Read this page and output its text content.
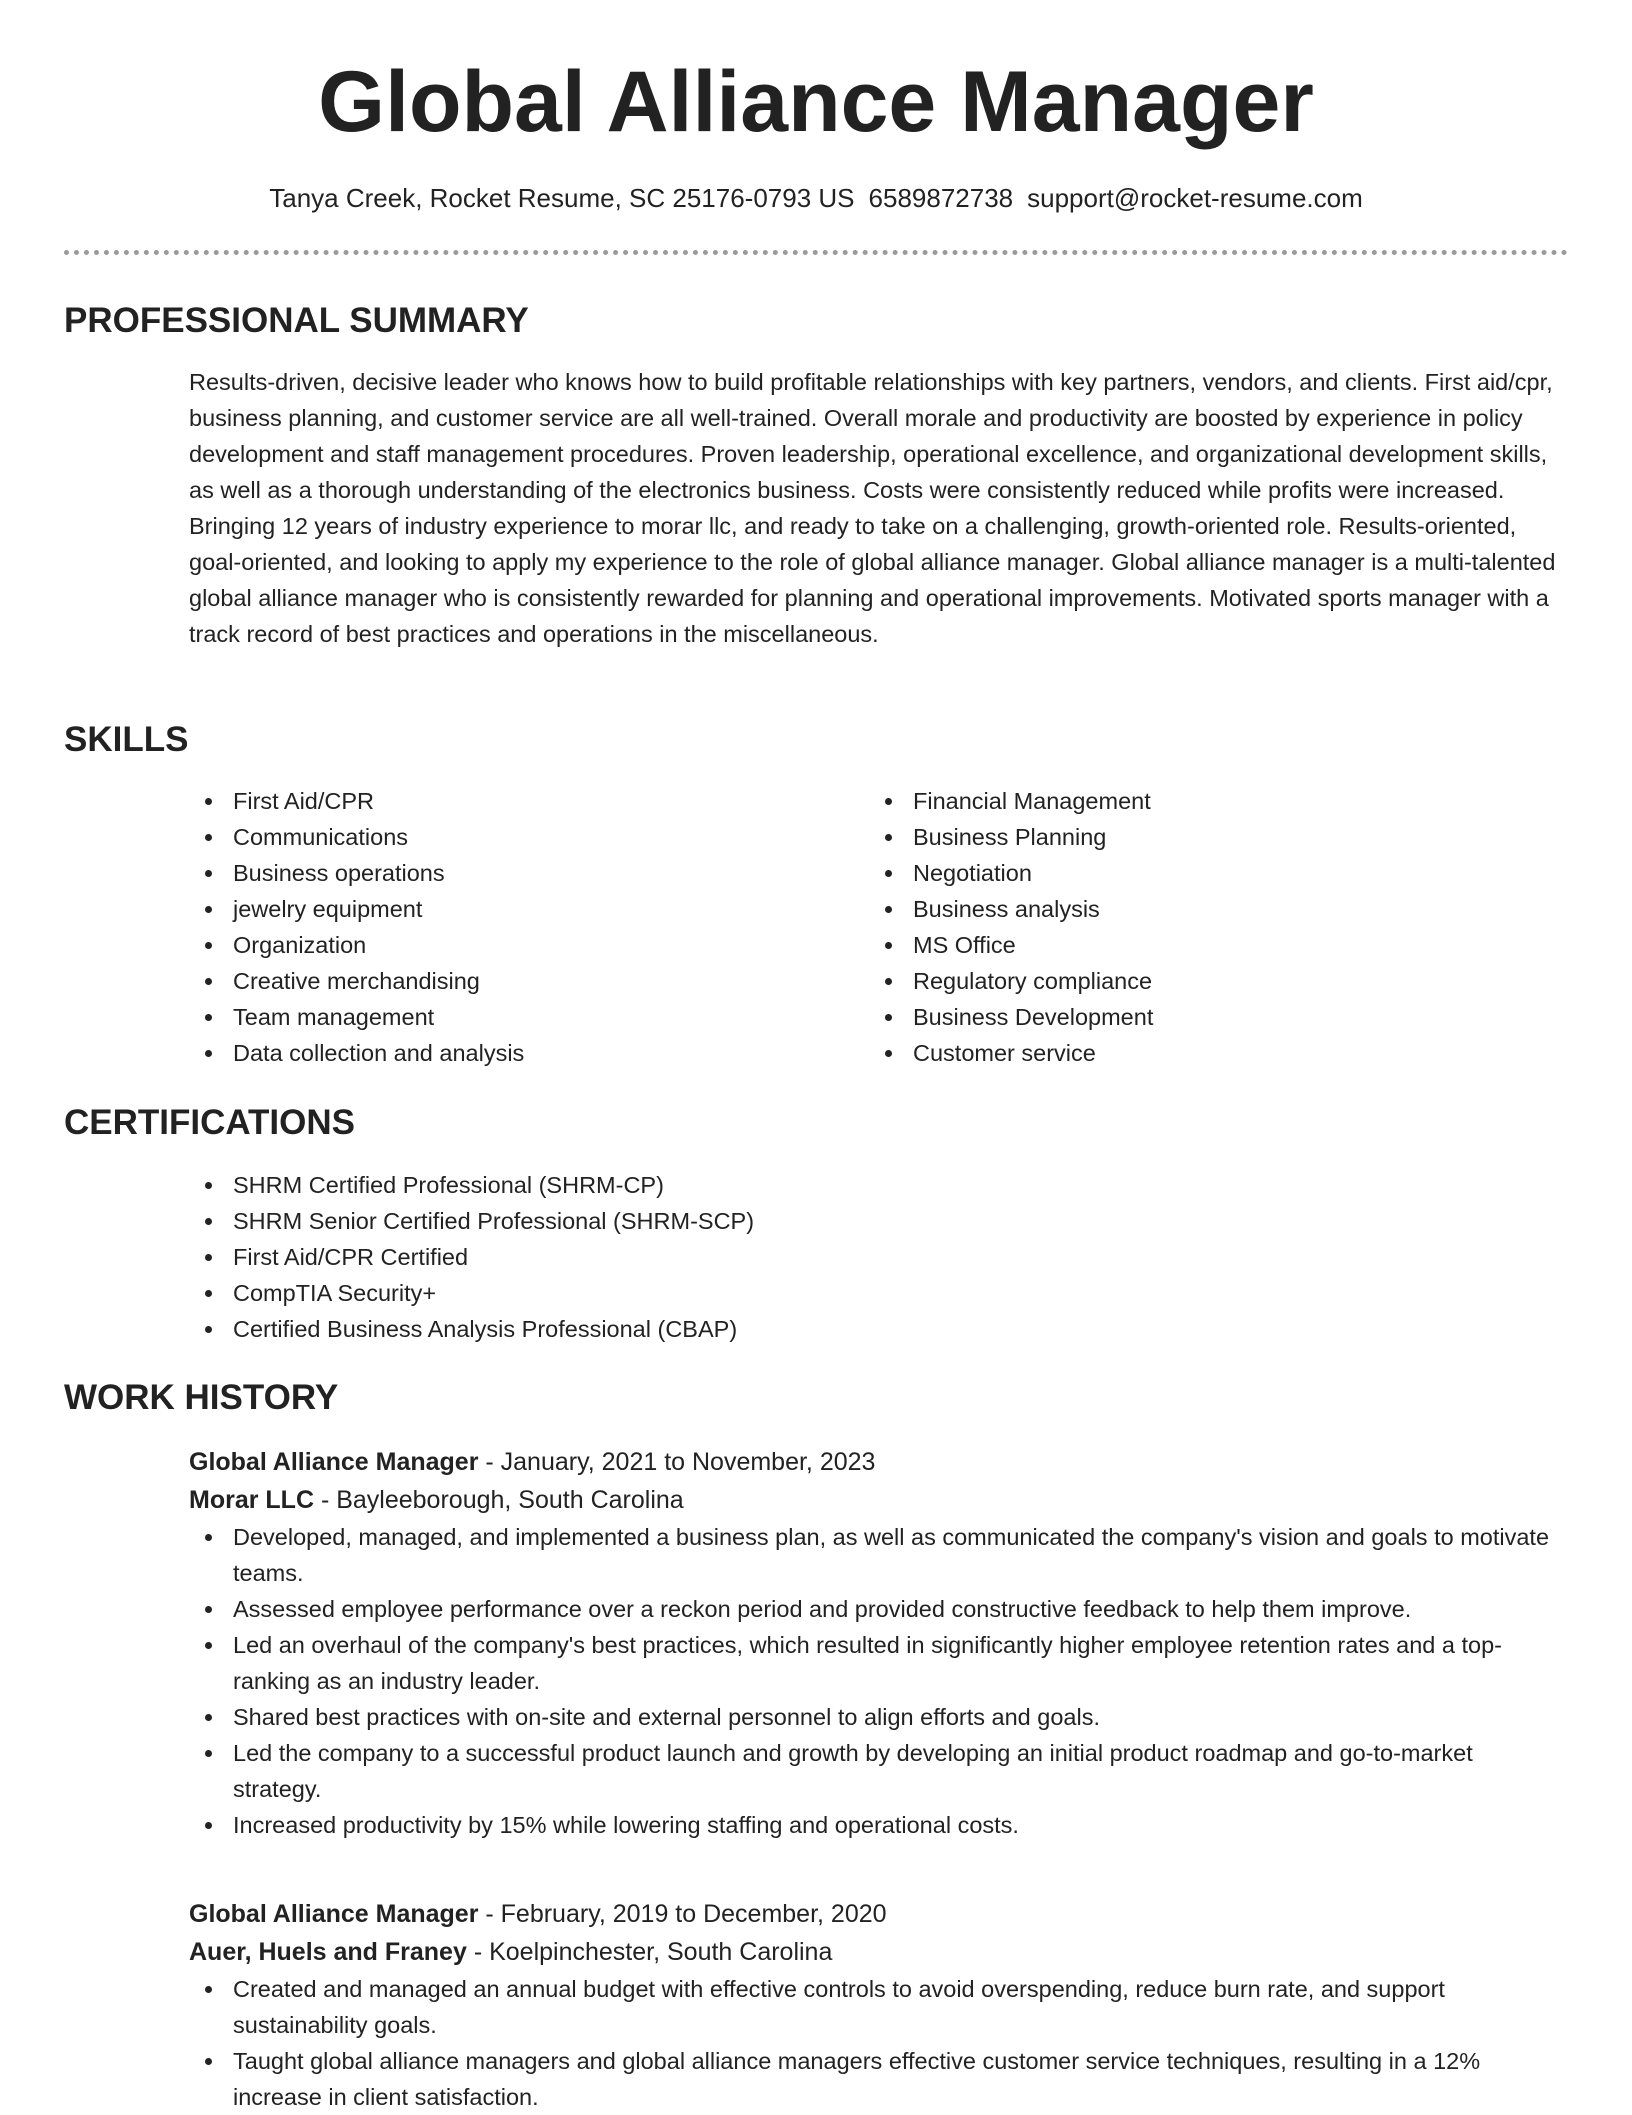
Global Alliance Manager
Tanya Creek, Rocket Resume, SC 25176-0793 US 6589872738 support@rocket-resume.com
PROFESSIONAL SUMMARY

Results-driven, decisive leader who knows how to build profitable relationships with key partners, vendors, and clients. First aid/cpr, business planning, and customer service are all well-trained. Overall morale and productivity are boosted by experience in policy development and staff management procedures. Proven leadership, operational excellence, and organizational development skills, as well as a thorough understanding of the electronics business. Costs were consistently reduced while profits were increased. Bringing 12 years of industry experience to morar llc, and ready to take on a challenging, growth-oriented role. Results-oriented, goal-oriented, and looking to apply my experience to the role of global alliance manager. Global alliance manager is a multi-talented global alliance manager who is consistently rewarded for planning and operational improvements. Motivated sports manager with a track record of best practices and operations in the miscellaneous.

SKILLS
First Aid/CPR
Communications
Business operations
jewelry equipment
Organization
Creative merchandising
Team management
Data collection and analysis
Financial Management
Business Planning
Negotiation
Business analysis
MS Office
Regulatory compliance
Business Development
Customer service
CERTIFICATIONS
SHRM Certified Professional (SHRM-CP)
SHRM Senior Certified Professional (SHRM-SCP)
First Aid/CPR Certified
CompTIA Security+
Certified Business Analysis Professional (CBAP)
WORK HISTORY
Global Alliance Manager - January, 2021 to November, 2023
Morar LLC - Bayleeborough, South Carolina
Developed, managed, and implemented a business plan, as well as communicated the company's vision and goals to motivate teams.
Assessed employee performance over a reckon period and provided constructive feedback to help them improve.
Led an overhaul of the company's best practices, which resulted in significantly higher employee retention rates and a top-ranking as an industry leader.
Shared best practices with on-site and external personnel to align efforts and goals.
Led the company to a successful product launch and growth by developing an initial product roadmap and go-to-market strategy.
Increased productivity by 15% while lowering staffing and operational costs.
Global Alliance Manager - February, 2019 to December, 2020
Auer, Huels and Franey - Koelpinchester, South Carolina
Created and managed an annual budget with effective controls to avoid overspending, reduce burn rate, and support sustainability goals.
Taught global alliance managers and global alliance managers effective customer service techniques, resulting in a 12% increase in client satisfaction.
